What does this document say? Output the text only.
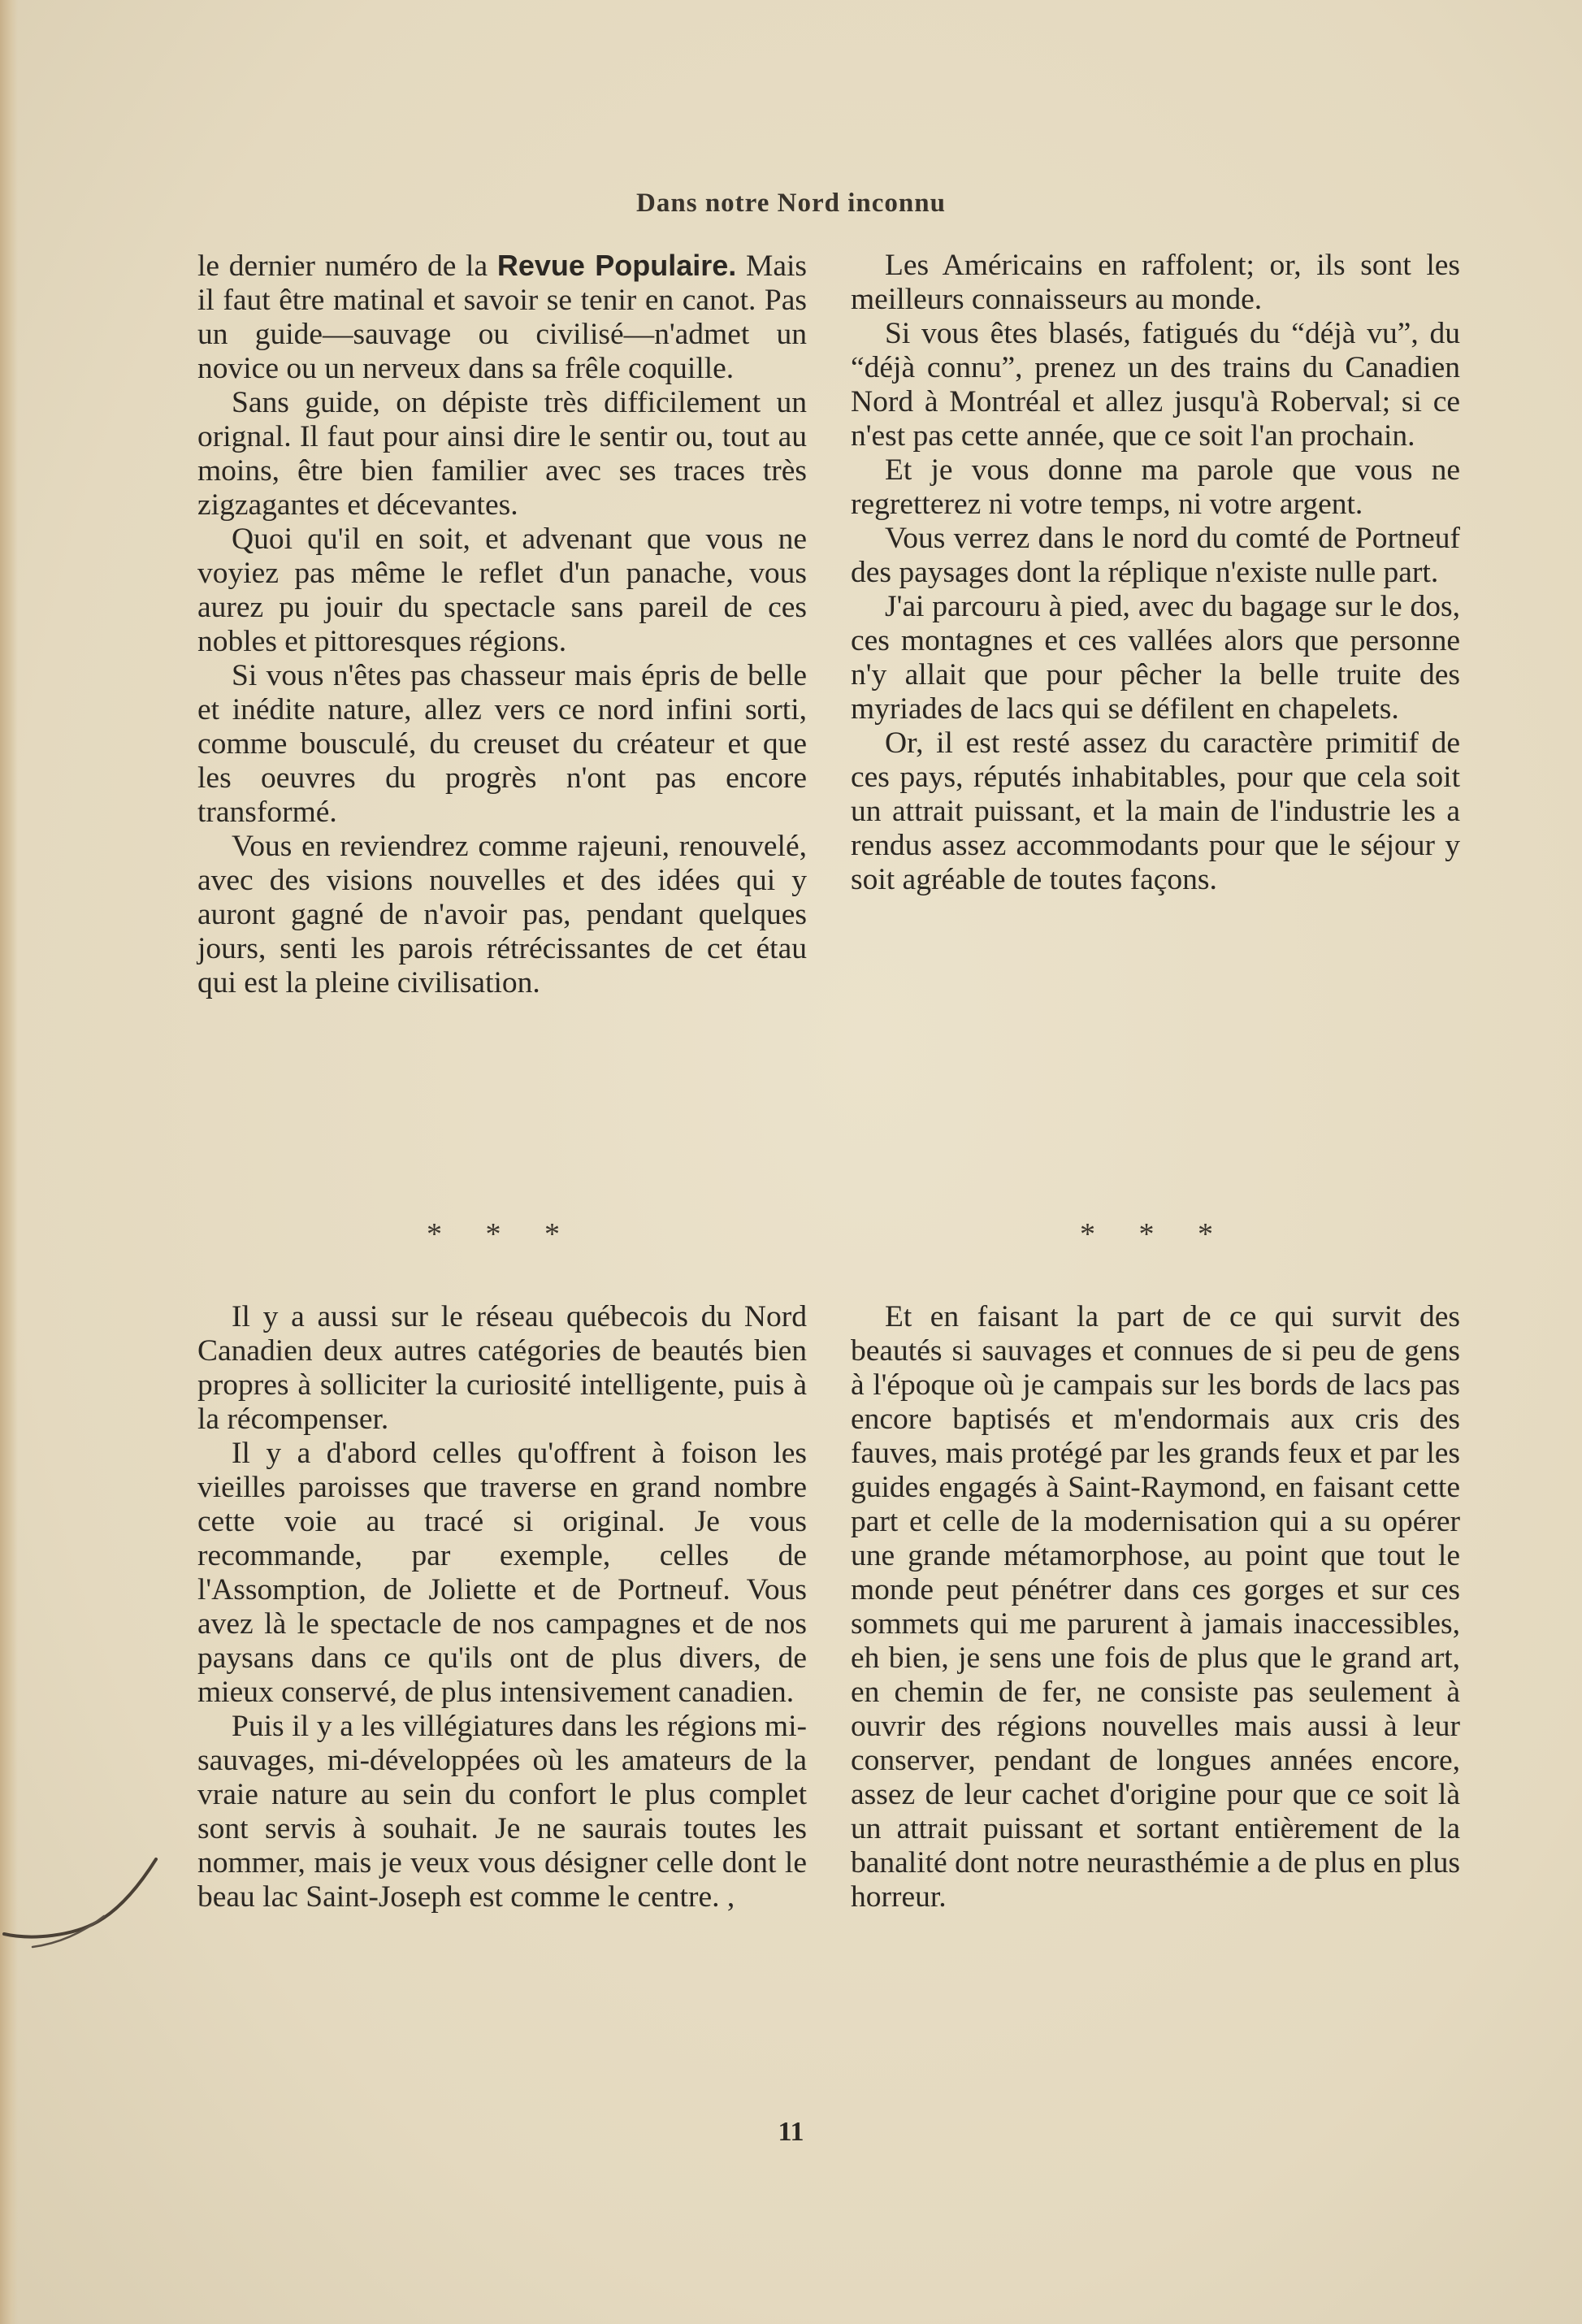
Dans notre Nord inconnu

le dernier numéro de la Revue Populaire. Mais il faut être matinal et savoir se tenir en canot. Pas un guide—sauvage ou civilisé—n'admet un novice ou un nerveux dans sa frêle coquille.

Sans guide, on dépiste très difficilement un orignal. Il faut pour ainsi dire le sentir ou, tout au moins, être bien familier avec ses traces très zigzagantes et décevantes.

Quoi qu'il en soit, et advenant que vous ne voyiez pas même le reflet d'un panache, vous aurez pu jouir du spectacle sans pareil de ces nobles et pittoresques régions.

Si vous n'êtes pas chasseur mais épris de belle et inédite nature, allez vers ce nord infini sorti, comme bousculé, du creuset du créateur et que les oeuvres du progrès n'ont pas encore transformé.

Vous en reviendrez comme rajeuni, renouvelé, avec des visions nouvelles et des idées qui y auront gagné de n'avoir pas, pendant quelques jours, senti les parois rétrécissantes de cet étau qui est la pleine civilisation.

Les Américains en raffolent; or, ils sont les meilleurs connaisseurs au monde.

Si vous êtes blasés, fatigués du “déjà vu”, du “déjà connu”, prenez un des trains du Canadien Nord à Montréal et allez jusqu'à Roberval; si ce n'est pas cette année, que ce soit l'an prochain.

Et je vous donne ma parole que vous ne regretterez ni votre temps, ni votre argent.

Vous verrez dans le nord du comté de Portneuf des paysages dont la réplique n'existe nulle part.

J'ai parcouru à pied, avec du bagage sur le dos, ces montagnes et ces vallées alors que personne n'y allait que pour pêcher la belle truite des myriades de lacs qui se défilent en chapelets.

Or, il est resté assez du caractère primitif de ces pays, réputés inhabitables, pour que cela soit un attrait puissant, et la main de l'industrie les a rendus assez accommodants pour que le séjour y soit agréable de toutes façons.

* * *	* * *

Il y a aussi sur le réseau québecois du Nord Canadien deux autres catégories de beautés bien propres à solliciter la curiosité intelligente, puis à la récompenser.

Il y a d'abord celles qu'offrent à foison les vieilles paroisses que traverse en grand nombre cette voie au tracé si original. Je vous recommande, par exemple, celles de l'Assomption, de Joliette et de Portneuf. Vous avez là le spectacle de nos campagnes et de nos paysans dans ce qu'ils ont de plus divers, de mieux conservé, de plus intensivement canadien.

Puis il y a les villégiatures dans les régions mi-sauvages, mi-développées où les amateurs de la vraie nature au sein du confort le plus complet sont servis à souhait. Je ne saurais toutes les nommer, mais je veux vous désigner celle dont le beau lac Saint-Joseph est comme le centre. ,

Et en faisant la part de ce qui survit des beautés si sauvages et connues de si peu de gens à l'époque où je campais sur les bords de lacs pas encore baptisés et m'endormais aux cris des fauves, mais protégé par les grands feux et par les guides engagés à Saint-Raymond, en faisant cette part et celle de la modernisation qui a su opérer une grande métamorphose, au point que tout le monde peut pénétrer dans ces gorges et sur ces sommets qui me parurent à jamais inaccessibles, eh bien, je sens une fois de plus que le grand art, en chemin de fer, ne consiste pas seulement à ouvrir des régions nouvelles mais aussi à leur conserver, pendant de longues années encore, assez de leur cachet d'origine pour que ce soit là un attrait puissant et sortant entièrement de la banalité dont notre neurasthémie a de plus en plus horreur.

11
